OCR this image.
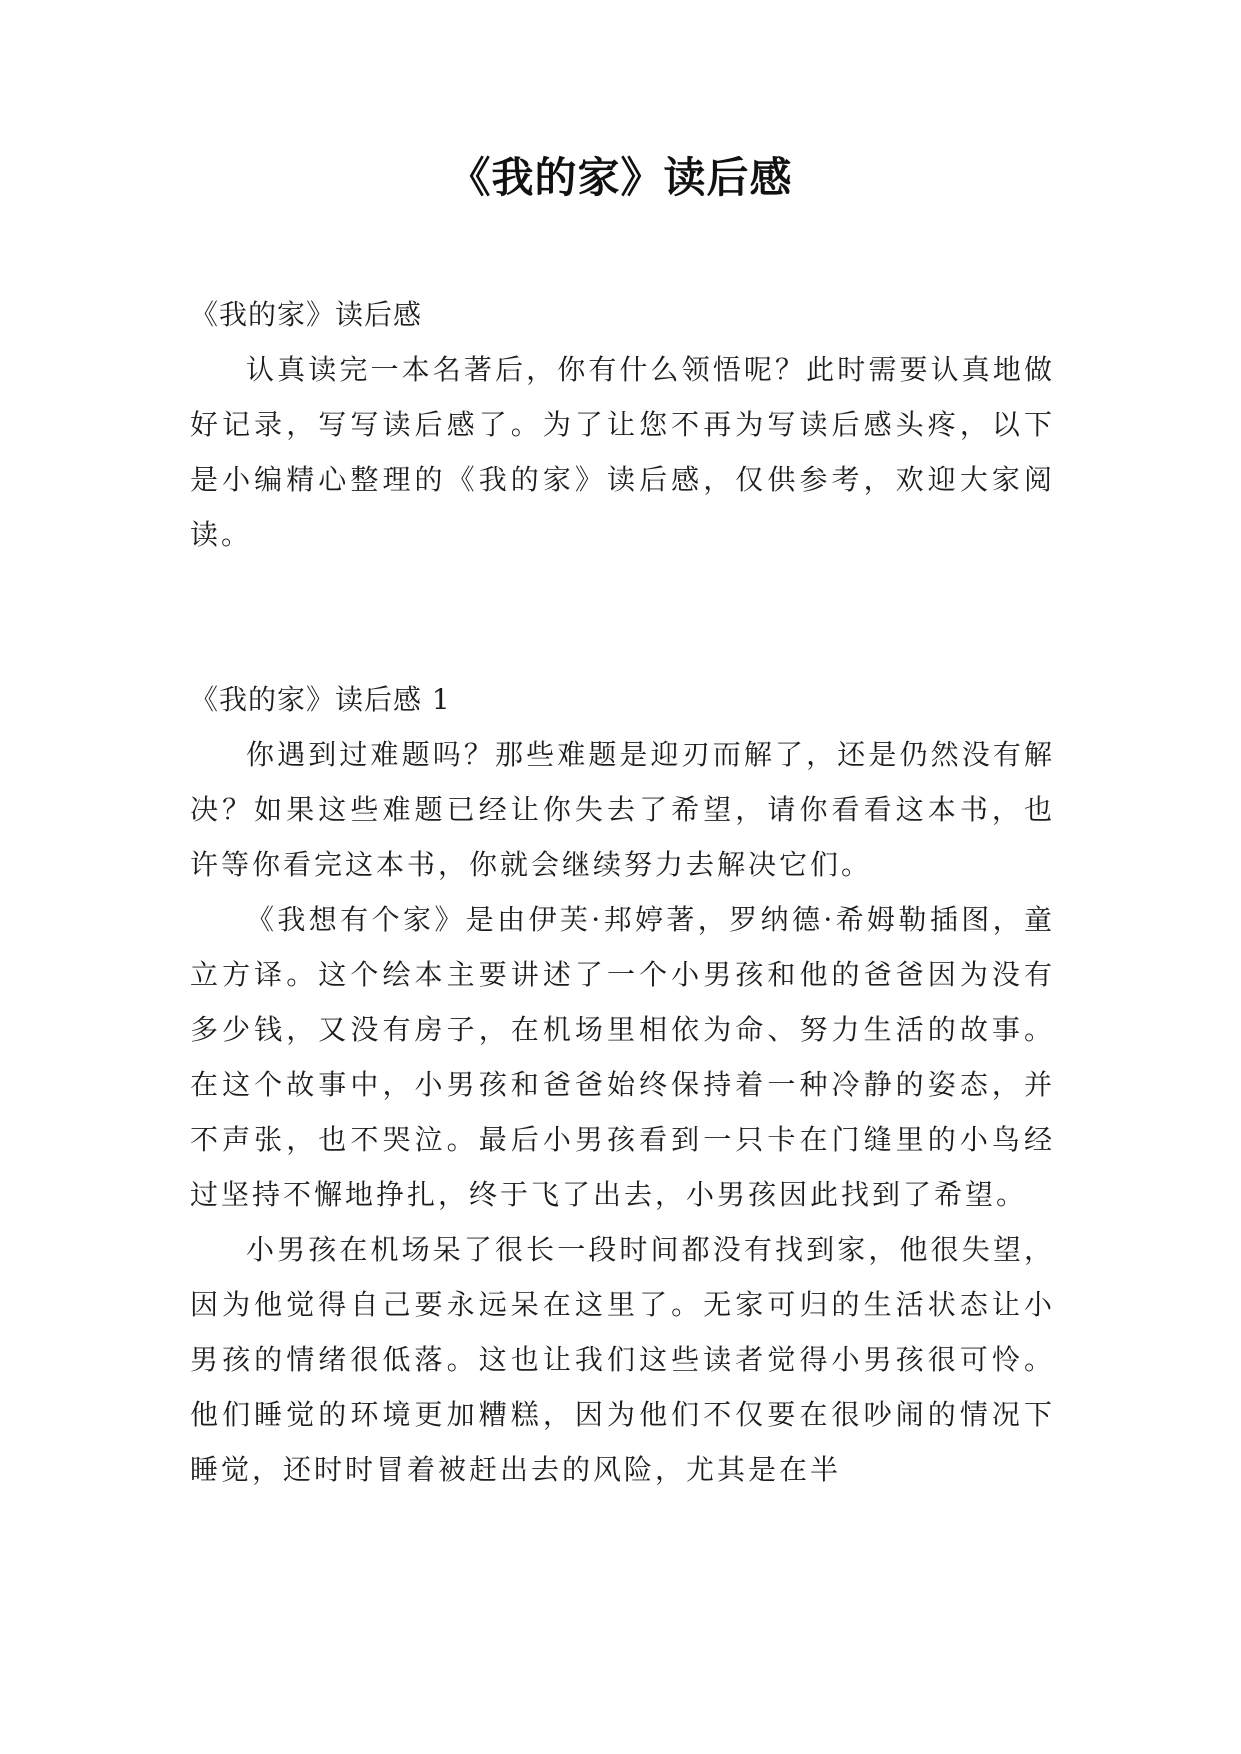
《我的家》读后感
《我的家》读后感

认真读完一本名著后，你有什么领悟呢？此时需要认真地做好记录，写写读后感了。为了让您不再为写读后感头疼，以下是小编精心整理的《我的家》读后感，仅供参考，欢迎大家阅读。

《我的家》读后感 1

你遇到过难题吗？那些难题是迎刃而解了，还是仍然没有解决？如果这些难题已经让你失去了希望，请你看看这本书，也许等你看完这本书，你就会继续努力去解决它们。

《我想有个家》是由伊芙·邦婷著，罗纳德·希姆勒插图，童立方译。这个绘本主要讲述了一个小男孩和他的爸爸因为没有多少钱，又没有房子，在机场里相依为命、努力生活的故事。在这个故事中，小男孩和爸爸始终保持着一种冷静的姿态，并不声张，也不哭泣。最后小男孩看到一只卡在门缝里的小鸟经过坚持不懈地挣扎，终于飞了出去，小男孩因此找到了希望。

小男孩在机场呆了很长一段时间都没有找到家，他很失望，因为他觉得自己要永远呆在这里了。无家可归的生活状态让小男孩的情绪很低落。这也让我们这些读者觉得小男孩很可怜。他们睡觉的环境更加糟糕，因为他们不仅要在很吵闹的情况下睡觉，还时时冒着被赶出去的风险，尤其是在半
